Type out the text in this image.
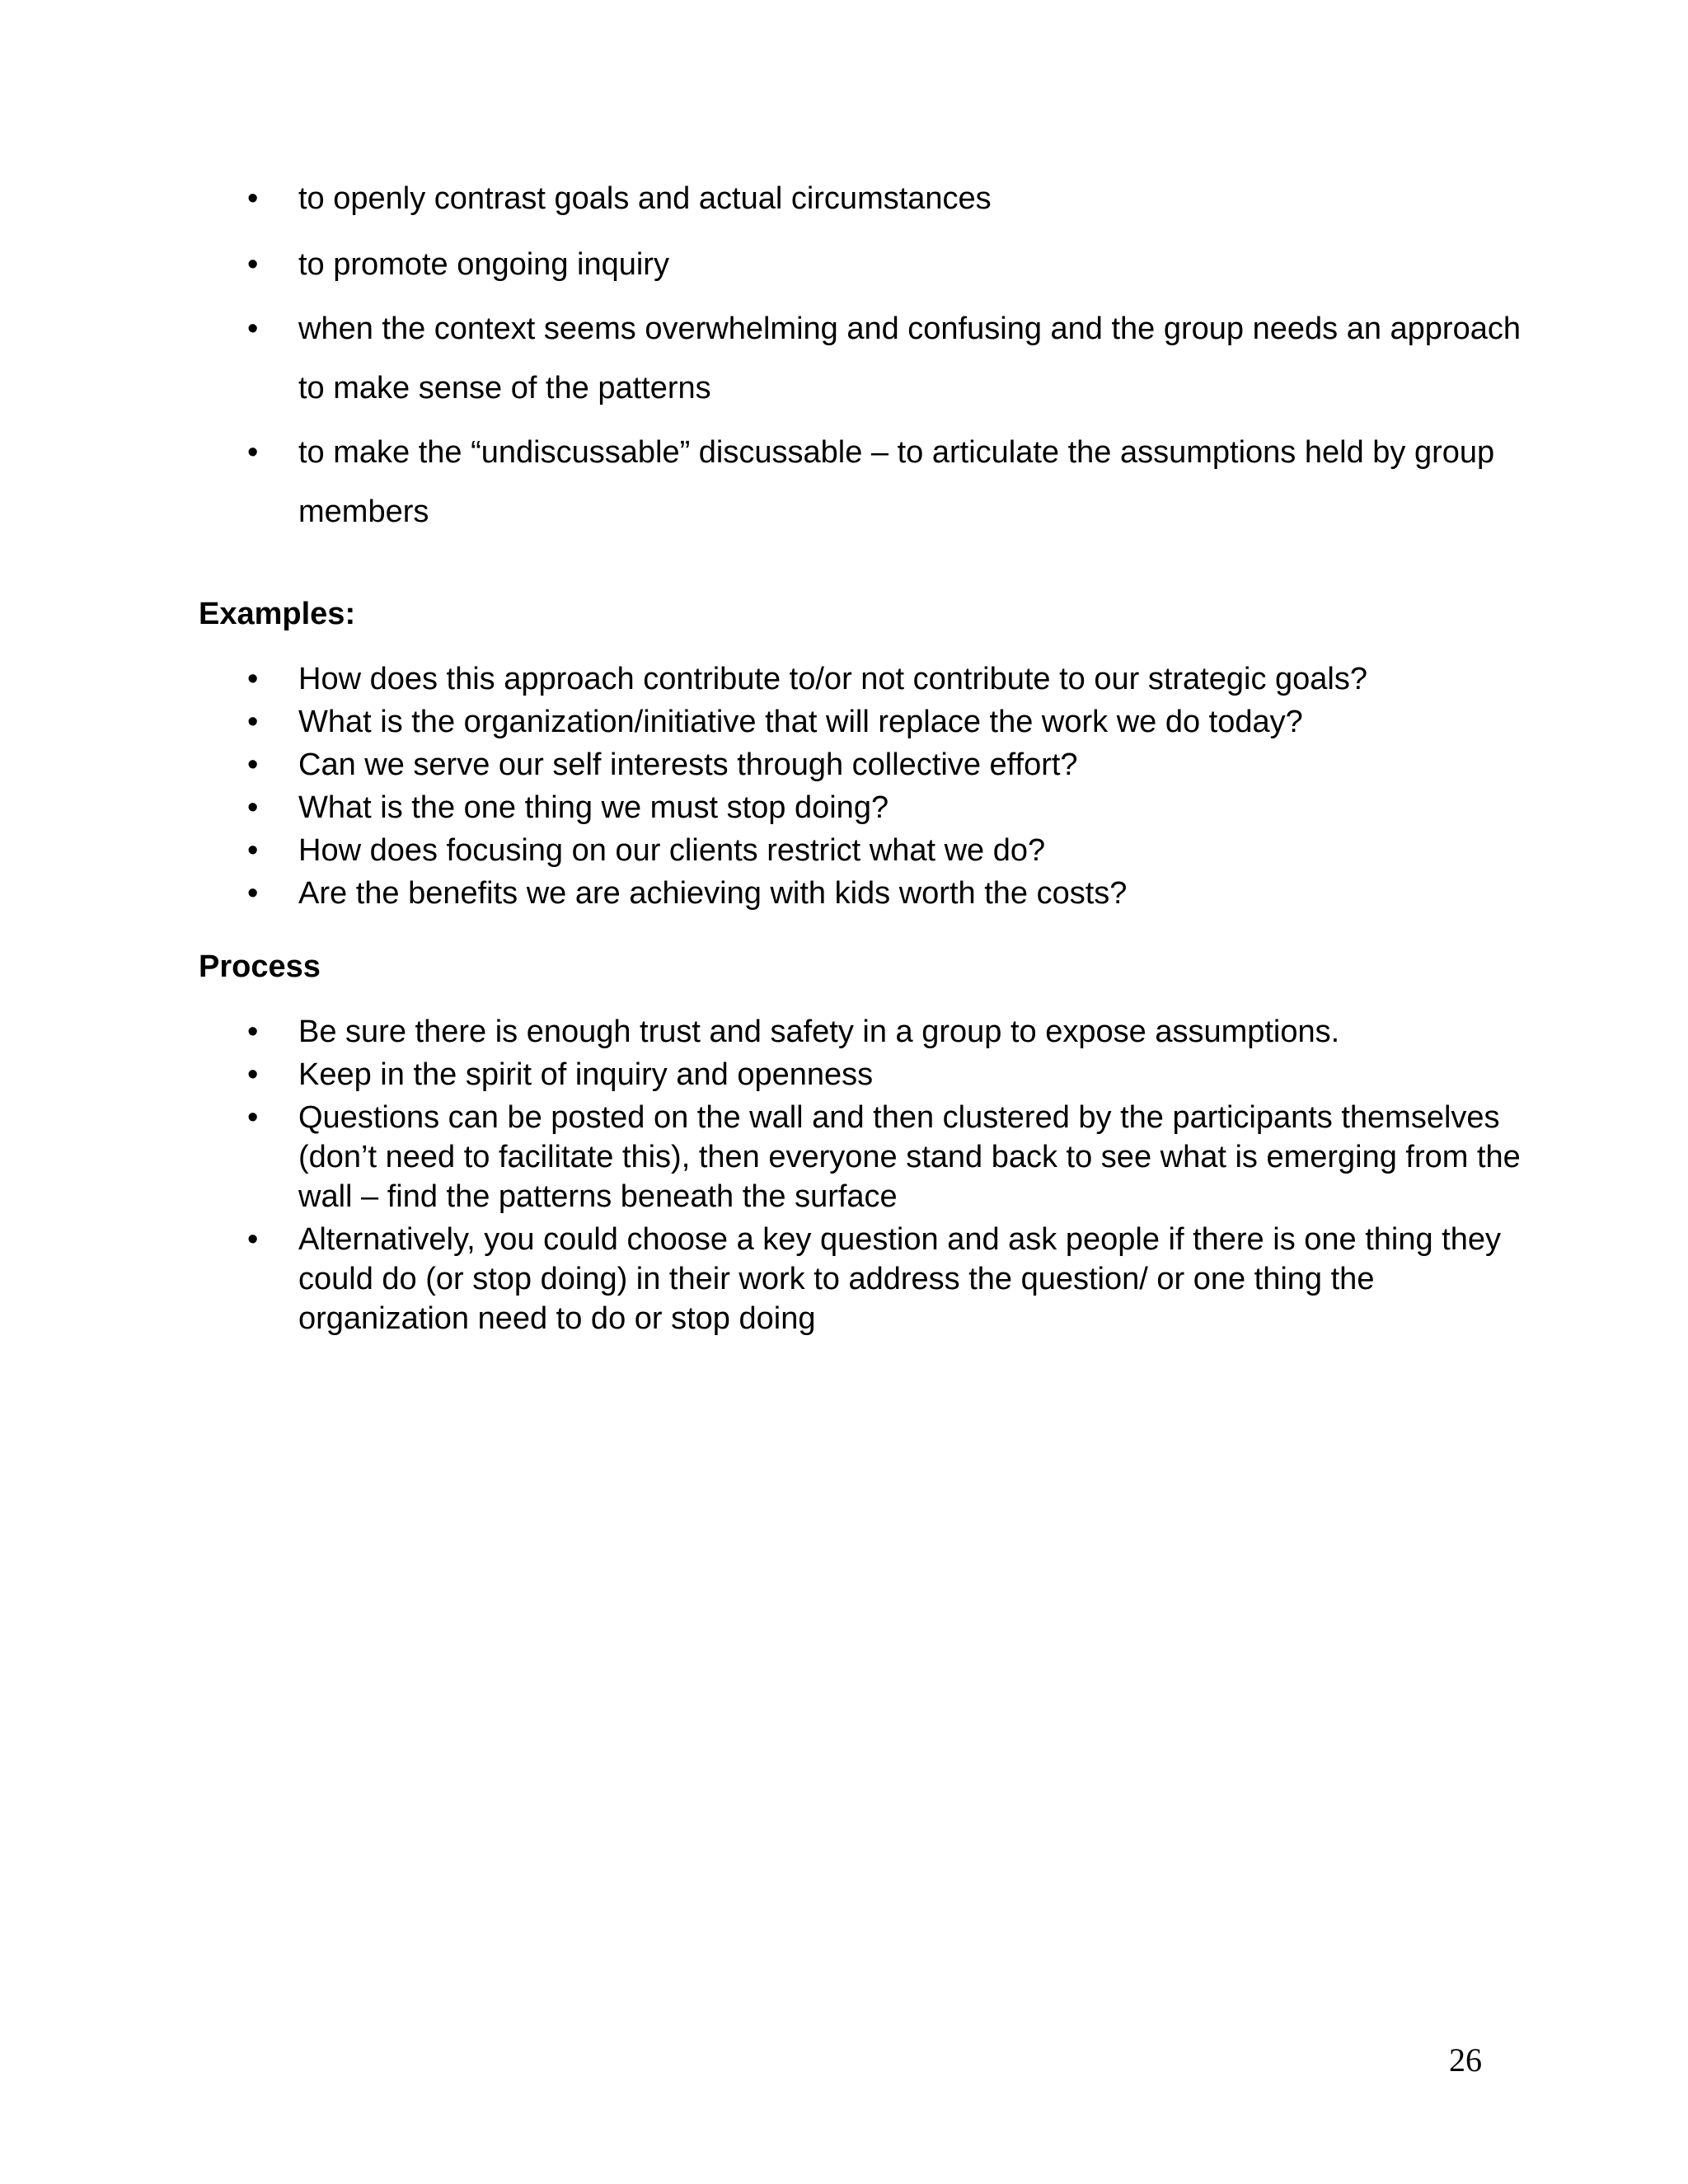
• to openly contrast goals and actual circumstances
• to promote ongoing inquiry
• when the context seems overwhelming and confusing and the group needs an approach to make sense of the patterns
• to make the “undiscussable” discussable – to articulate the assumptions held by group members
Examples:
• How does this approach contribute to/or not contribute to our strategic goals?
• What is the organization/initiative that will replace the work we do today?
• Can we serve our self interests through collective effort?
• What is the one thing we must stop doing?
• How does focusing on our clients restrict what we do?
• Are the benefits we are achieving with kids worth the costs?
Process
• Be sure there is enough trust and safety in a group to expose assumptions.
• Keep in the spirit of inquiry and openness
• Questions can be posted on the wall and then clustered by the participants themselves (don’t need to facilitate this), then everyone stand back to see what is emerging from the wall – find the patterns beneath the surface
• Alternatively, you could choose a key question and ask people if there is one thing they could do (or stop doing) in their work to address the question/ or one thing the organization need to do or stop doing
26
